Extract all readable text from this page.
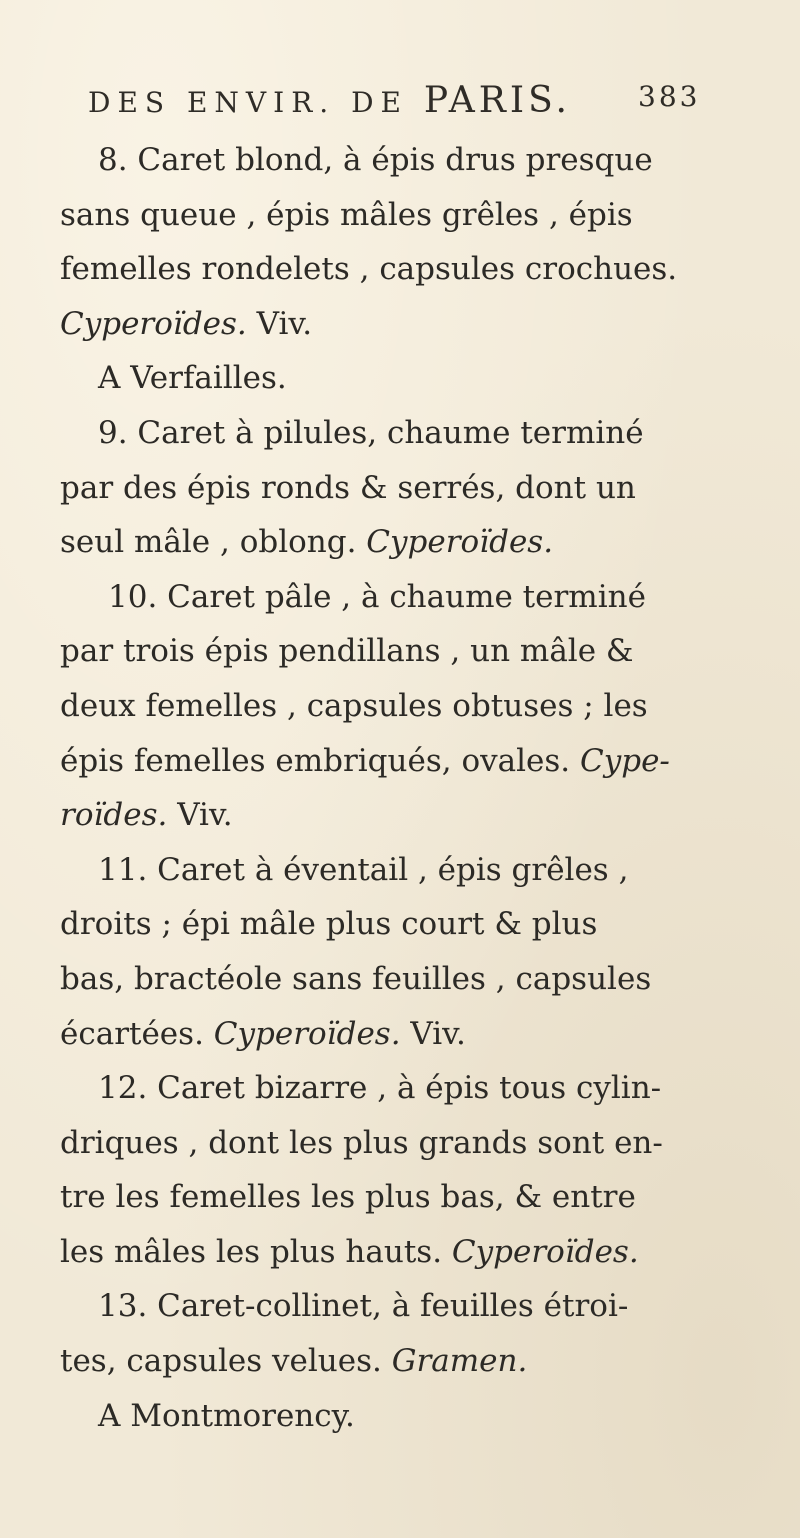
DES ENVIR. DE PARIS. 383
8. Caret blond, à épis drus presque
sans queue , épis mâles grêles , épis
femelles rondelets , capsules crochues.
Cyperoïdes. Viv.
A Verfailles.
9. Caret à pilules, chaume terminé
par des épis ronds & serrés, dont un
seul mâle , oblong. Cyperoïdes.
10. Caret pâle , à chaume terminé
par trois épis pendillans , un mâle &
deux femelles , capsules obtuses ; les
épis femelles embriqués, ovales. Cype-
roïdes. Viv.
11. Caret à éventail , épis grêles ,
droits ; épi mâle plus court & plus
bas, bractéole sans feuilles , capsules
écartées. Cyperoïdes. Viv.
12. Caret bizarre , à épis tous cylin-
driques , dont les plus grands sont en-
tre les femelles les plus bas, & entre
les mâles les plus hauts. Cyperoïdes.
13. Caret-collinet, à feuilles étroi-
tes, capsules velues. Gramen.
A Montmorency.
